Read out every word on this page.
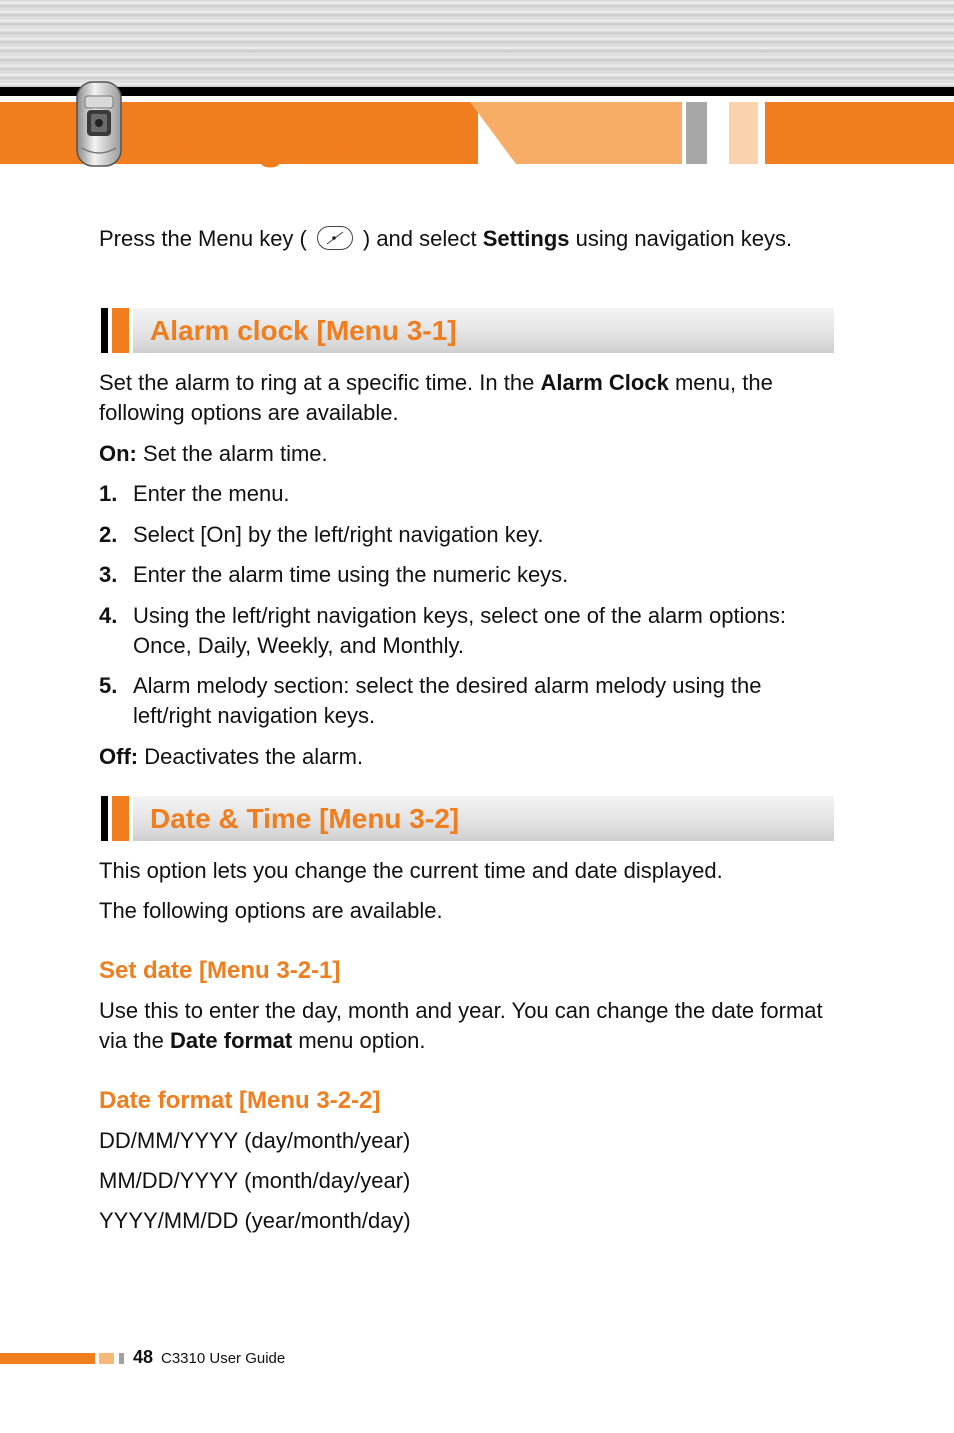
Settings [Menu 3]
Press the Menu key (	) and select Settings using navigation keys.
Alarm clock [Menu 3-1]
Set the alarm to ring at a specific time. In the Alarm Clock menu, the following options are available.
On: Set the alarm time.
1. Enter the menu.
2. Select [On] by the left/right navigation key.
3. Enter the alarm time using the numeric keys.
4. Using the left/right navigation keys, select one of the alarm options: Once, Daily, Weekly, and Monthly.
5. Alarm melody section: select the desired alarm melody using the left/right navigation keys.
Off: Deactivates the alarm.
Date & Time [Menu 3-2]
This option lets you change the current time and date displayed.
The following options are available.
Set date [Menu 3-2-1]
Use this to enter the day, month and year. You can change the date format via the Date format menu option.
Date format [Menu 3-2-2]
DD/MM/YYYY (day/month/year)
MM/DD/YYYY (month/day/year)
YYYY/MM/DD (year/month/day)
48 C3310 User Guide
